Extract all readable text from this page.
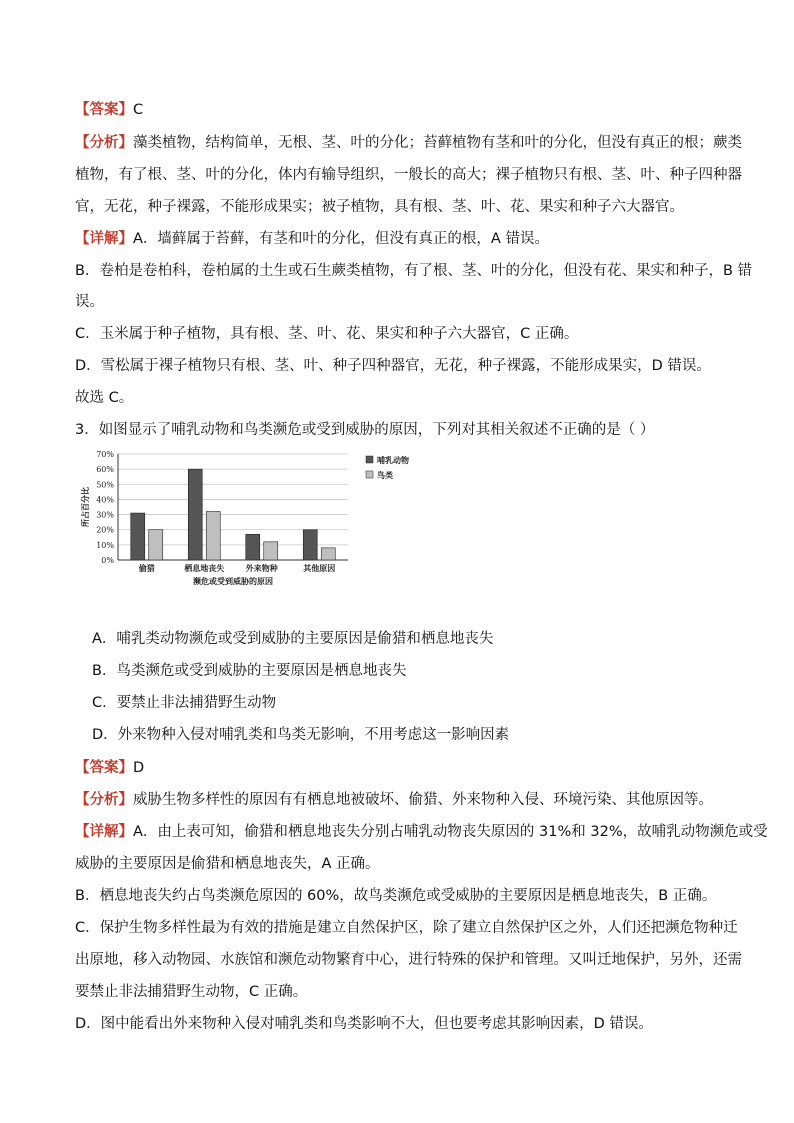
【答案】C
【分析】藻类植物，结构简单，无根、茎、叶的分化；苔藓植物有茎和叶的分化，但没有真正的根；蕨类
植物，有了根、茎、叶的分化，体内有输导组织，一般长的高大；裸子植物只有根、茎、叶、种子四种器
官，无花，种子裸露，不能形成果实；被子植物，具有根、茎、叶、花、果实和种子六大器官。
【详解】A．墙藓属于苔藓，有茎和叶的分化，但没有真正的根，A 错误。
B．卷柏是卷柏科，卷柏属的土生或石生蕨类植物，有了根、茎、叶的分化，但没有花、果实和种子，B 错
误。
C．玉米属于种子植物，具有根、茎、叶、花、果实和种子六大器官，C 正确。
D．雪松属于裸子植物只有根、茎、叶、种子四种器官，无花，种子裸露，不能形成果实，D 错误。
故选 C。
3．如图显示了哺乳动物和鸟类濒危或受到威胁的原因，下列对其相关叙述不正确的是（ ）
0%
10%
20%
30%
40%
50%
60%
70%
偷猎	栖息地丧失	外来物种	其他原因
濒危或受到威胁的原因
所占百分比
哺乳动物
鸟类
A．哺乳类动物濒危或受到威胁的主要原因是偷猎和栖息地丧失
B．鸟类濒危或受到威胁的主要原因是栖息地丧失
C．要禁止非法捕猎野生动物
D．外来物种入侵对哺乳类和鸟类无影响，不用考虑这一影响因素
【答案】D
【分析】威胁生物多样性的原因有有栖息地被破坏、偷猎、外来物种入侵、环境污染、其他原因等。
【详解】A．由上表可知，偷猎和栖息地丧失分别占哺乳动物丧失原因的 31%和 32%，故哺乳动物濒危或受
威胁的主要原因是偷猎和栖息地丧失，A 正确。
B．栖息地丧失约占鸟类濒危原因的 60%，故鸟类濒危或受威胁的主要原因是栖息地丧失，B 正确。
C．保护生物多样性最为有效的措施是建立自然保护区，除了建立自然保护区之外，人们还把濒危物种迁
出原地，移入动物园、水族馆和濒危动物繁育中心，进行特殊的保护和管理。又叫迁地保护，另外，还需
要禁止非法捕猎野生动物，C 正确。
D．图中能看出外来物种入侵对哺乳类和鸟类影响不大，但也要考虑其影响因素，D 错误。
